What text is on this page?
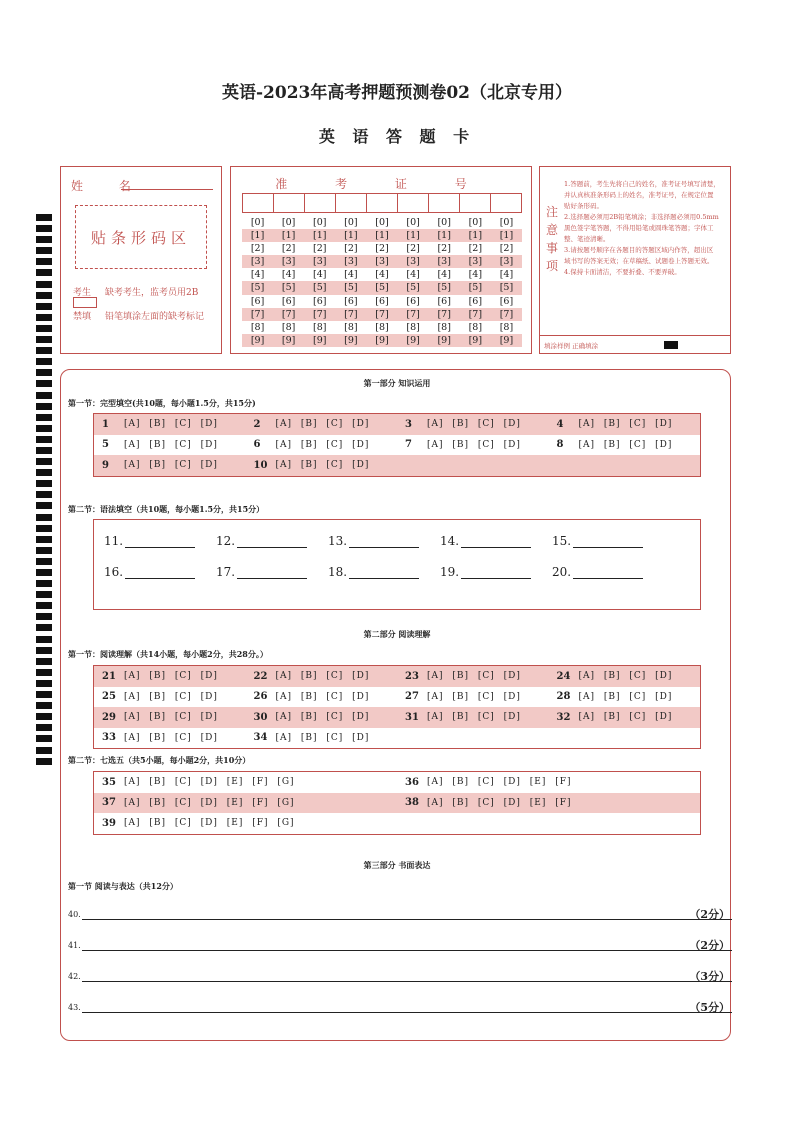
英语-2023年高考押题预测卷02（北京专用）
英 语 答 题 卡
姓 名
贴条形码区
考生
禁填
缺考考生，监考员用2B
铅笔填涂左面的缺考标记
准 考 证 号
[0]	[0]	[0]	[0]	[0]	[0]	[0]	[0]	[0]
[1]	[1]	[1]	[1]	[1]	[1]	[1]	[1]	[1]
[2]	[2]	[2]	[2]	[2]	[2]	[2]	[2]	[2]
[3]	[3]	[3]	[3]	[3]	[3]	[3]	[3]	[3]
[4]	[4]	[4]	[4]	[4]	[4]	[4]	[4]	[4]
[5]	[5]	[5]	[5]	[5]	[5]	[5]	[5]	[5]
[6]	[6]	[6]	[6]	[6]	[6]	[6]	[6]	[6]
[7]	[7]	[7]	[7]	[7]	[7]	[7]	[7]	[7]
[8]	[8]	[8]	[8]	[8]	[8]	[8]	[8]	[8]
[9]	[9]	[9]	[9]	[9]	[9]	[9]	[9]	[9]
注
意
事
项
1.答题前，考生先将自己的姓名，准考证号填写清楚，
并认真核准条形码上的姓名，准考证号，在规定位置
贴好条形码。
2.选择题必须用2B铅笔填涂；非选择题必须用0.5mm
黑色签字笔答题，不得用铅笔或圆珠笔答题；字体工
整、笔迹清晰。
3.请按题号顺序在各题目的答题区域内作答，超出区
域书写的答案无效；在草稿纸、试题卷上答题无效。
4.保持卡面清洁，不要折叠、不要弄破。
填涂样例 正确填涂
第一部分 知识运用
第一节：完型填空(共10题，每小题1.5分，共15分)
1	[A] [B] [C] [D]	2	[A] [B] [C] [D]	3	[A] [B] [C] [D]	4	[A] [B] [C] [D]
5	[A] [B] [C] [D]	6	[A] [B] [C] [D]	7	[A] [B] [C] [D]	8	[A] [B] [C] [D]
9	[A] [B] [C] [D]	10 [A] [B] [C] [D]
第二节：语法填空（共10题，每小题1.5分，共15分）
11.	12.	13.	14.	15.
16.	17.	18.	19.	20.
第二部分 阅读理解
第一节：阅读理解（共14小题，每小题2分，共28分。）
21 [A] [B] [C] [D]	22 [A] [B] [C] [D]	23 [A] [B] [C] [D]	24 [A] [B] [C] [D]
25 [A] [B] [C] [D]	26 [A] [B] [C] [D]	27 [A] [B] [C] [D]	28 [A] [B] [C] [D]
29 [A] [B] [C] [D]	30 [A] [B] [C] [D]	31 [A] [B] [C] [D]	32 [A] [B] [C] [D]
33 [A] [B] [C] [D]	34 [A] [B] [C] [D]
第二节：七选五（共5小题，每小题2分，共10分）
35 [A] [B] [C] [D] [E] [F] [G]	36 [A] [B] [C] [D] [E] [F]
37 [A] [B] [C] [D] [E] [F] [G]	38 [A] [B] [C] [D] [E] [F]
39 [A] [B] [C] [D] [E] [F] [G]
第三部分 书面表达
第一节 阅读与表达（共12分）
40.	（2分）
41.	（2分）
42.	（3分）
43.	（5分）
